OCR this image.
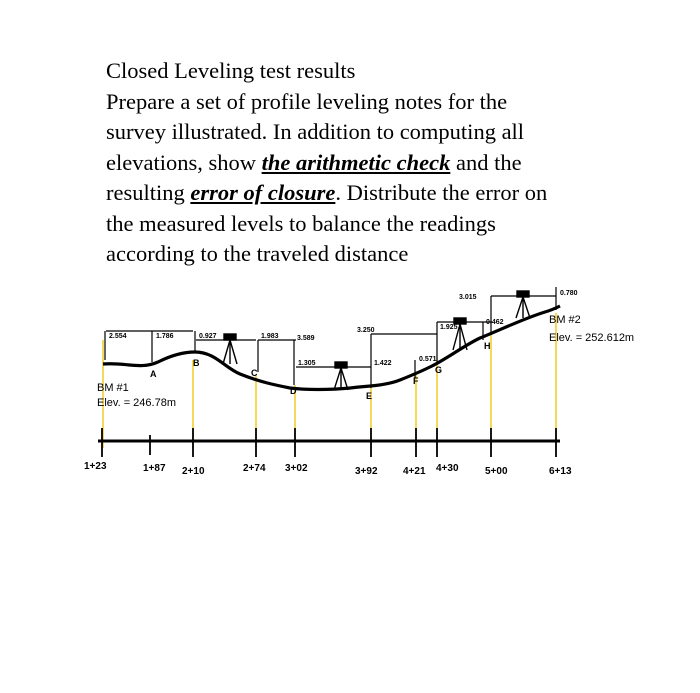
Closed Leveling test results

Prepare a set of profile leveling notes for the

survey illustrated. In addition to computing all

elevations, show the arithmetic check and the

resulting error of closure. Distribute the error on

the measured levels to balance the readings

according to the traveled distance

2.554	1.786	0.927	1.983	3.589
1.305
3.250
1.422
0.571
1.925
3.015
0.462
0.780
A
B
C
D	E
F
G
H
BM #1
Elev. = 246.78m
BM #2
Elev. = 252.612m
1+23	1+87 2+10	2+74 3+02	3+92	4+21 4+30	5+00	6+13
